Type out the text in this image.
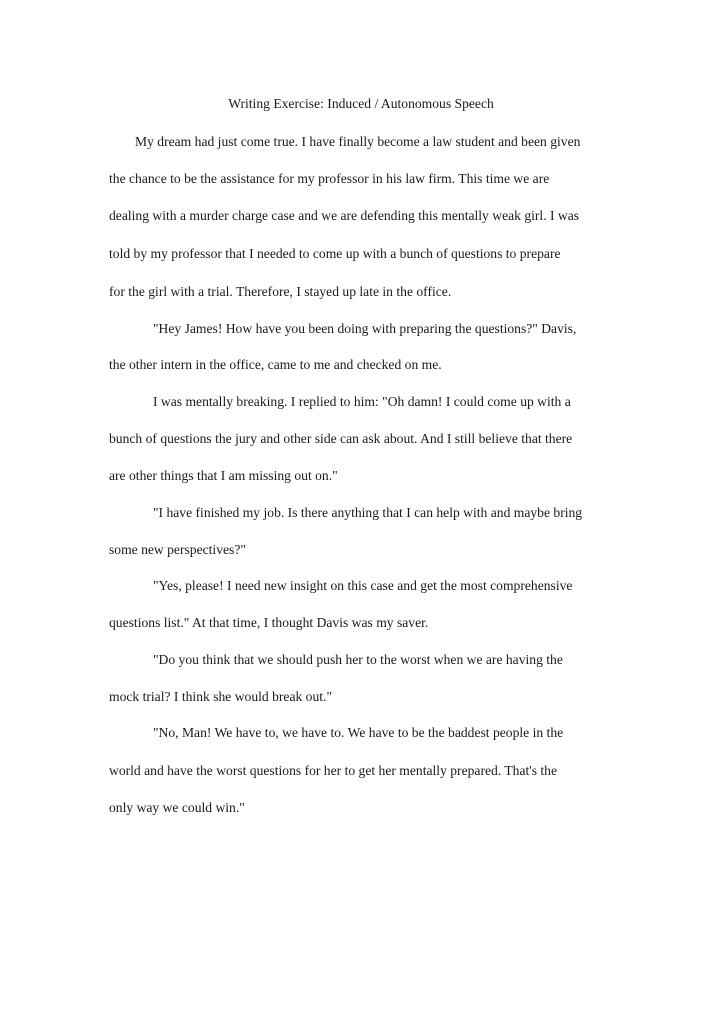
Writing Exercise: Induced / Autonomous Speech
My dream had just come true. I have finally become a law student and been given
the chance to be the assistance for my professor in his law firm. This time we are
dealing with a murder charge case and we are defending this mentally weak girl. I was
told by my professor that I needed to come up with a bunch of questions to prepare
for the girl with a trial. Therefore, I stayed up late in the office.
"Hey James! How have you been doing with preparing the questions?" Davis,
the other intern in the office, came to me and checked on me.
I was mentally breaking. I replied to him: "Oh damn! I could come up with a
bunch of questions the jury and other side can ask about. And I still believe that there
are other things that I am missing out on."
"I have finished my job. Is there anything that I can help with and maybe bring
some new perspectives?"
"Yes, please! I need new insight on this case and get the most comprehensive
questions list." At that time, I thought Davis was my saver.
"Do you think that we should push her to the worst when we are having the
mock trial? I think she would break out."
"No, Man! We have to, we have to. We have to be the baddest people in the
world and have the worst questions for her to get her mentally prepared. That's the
only way we could win."
